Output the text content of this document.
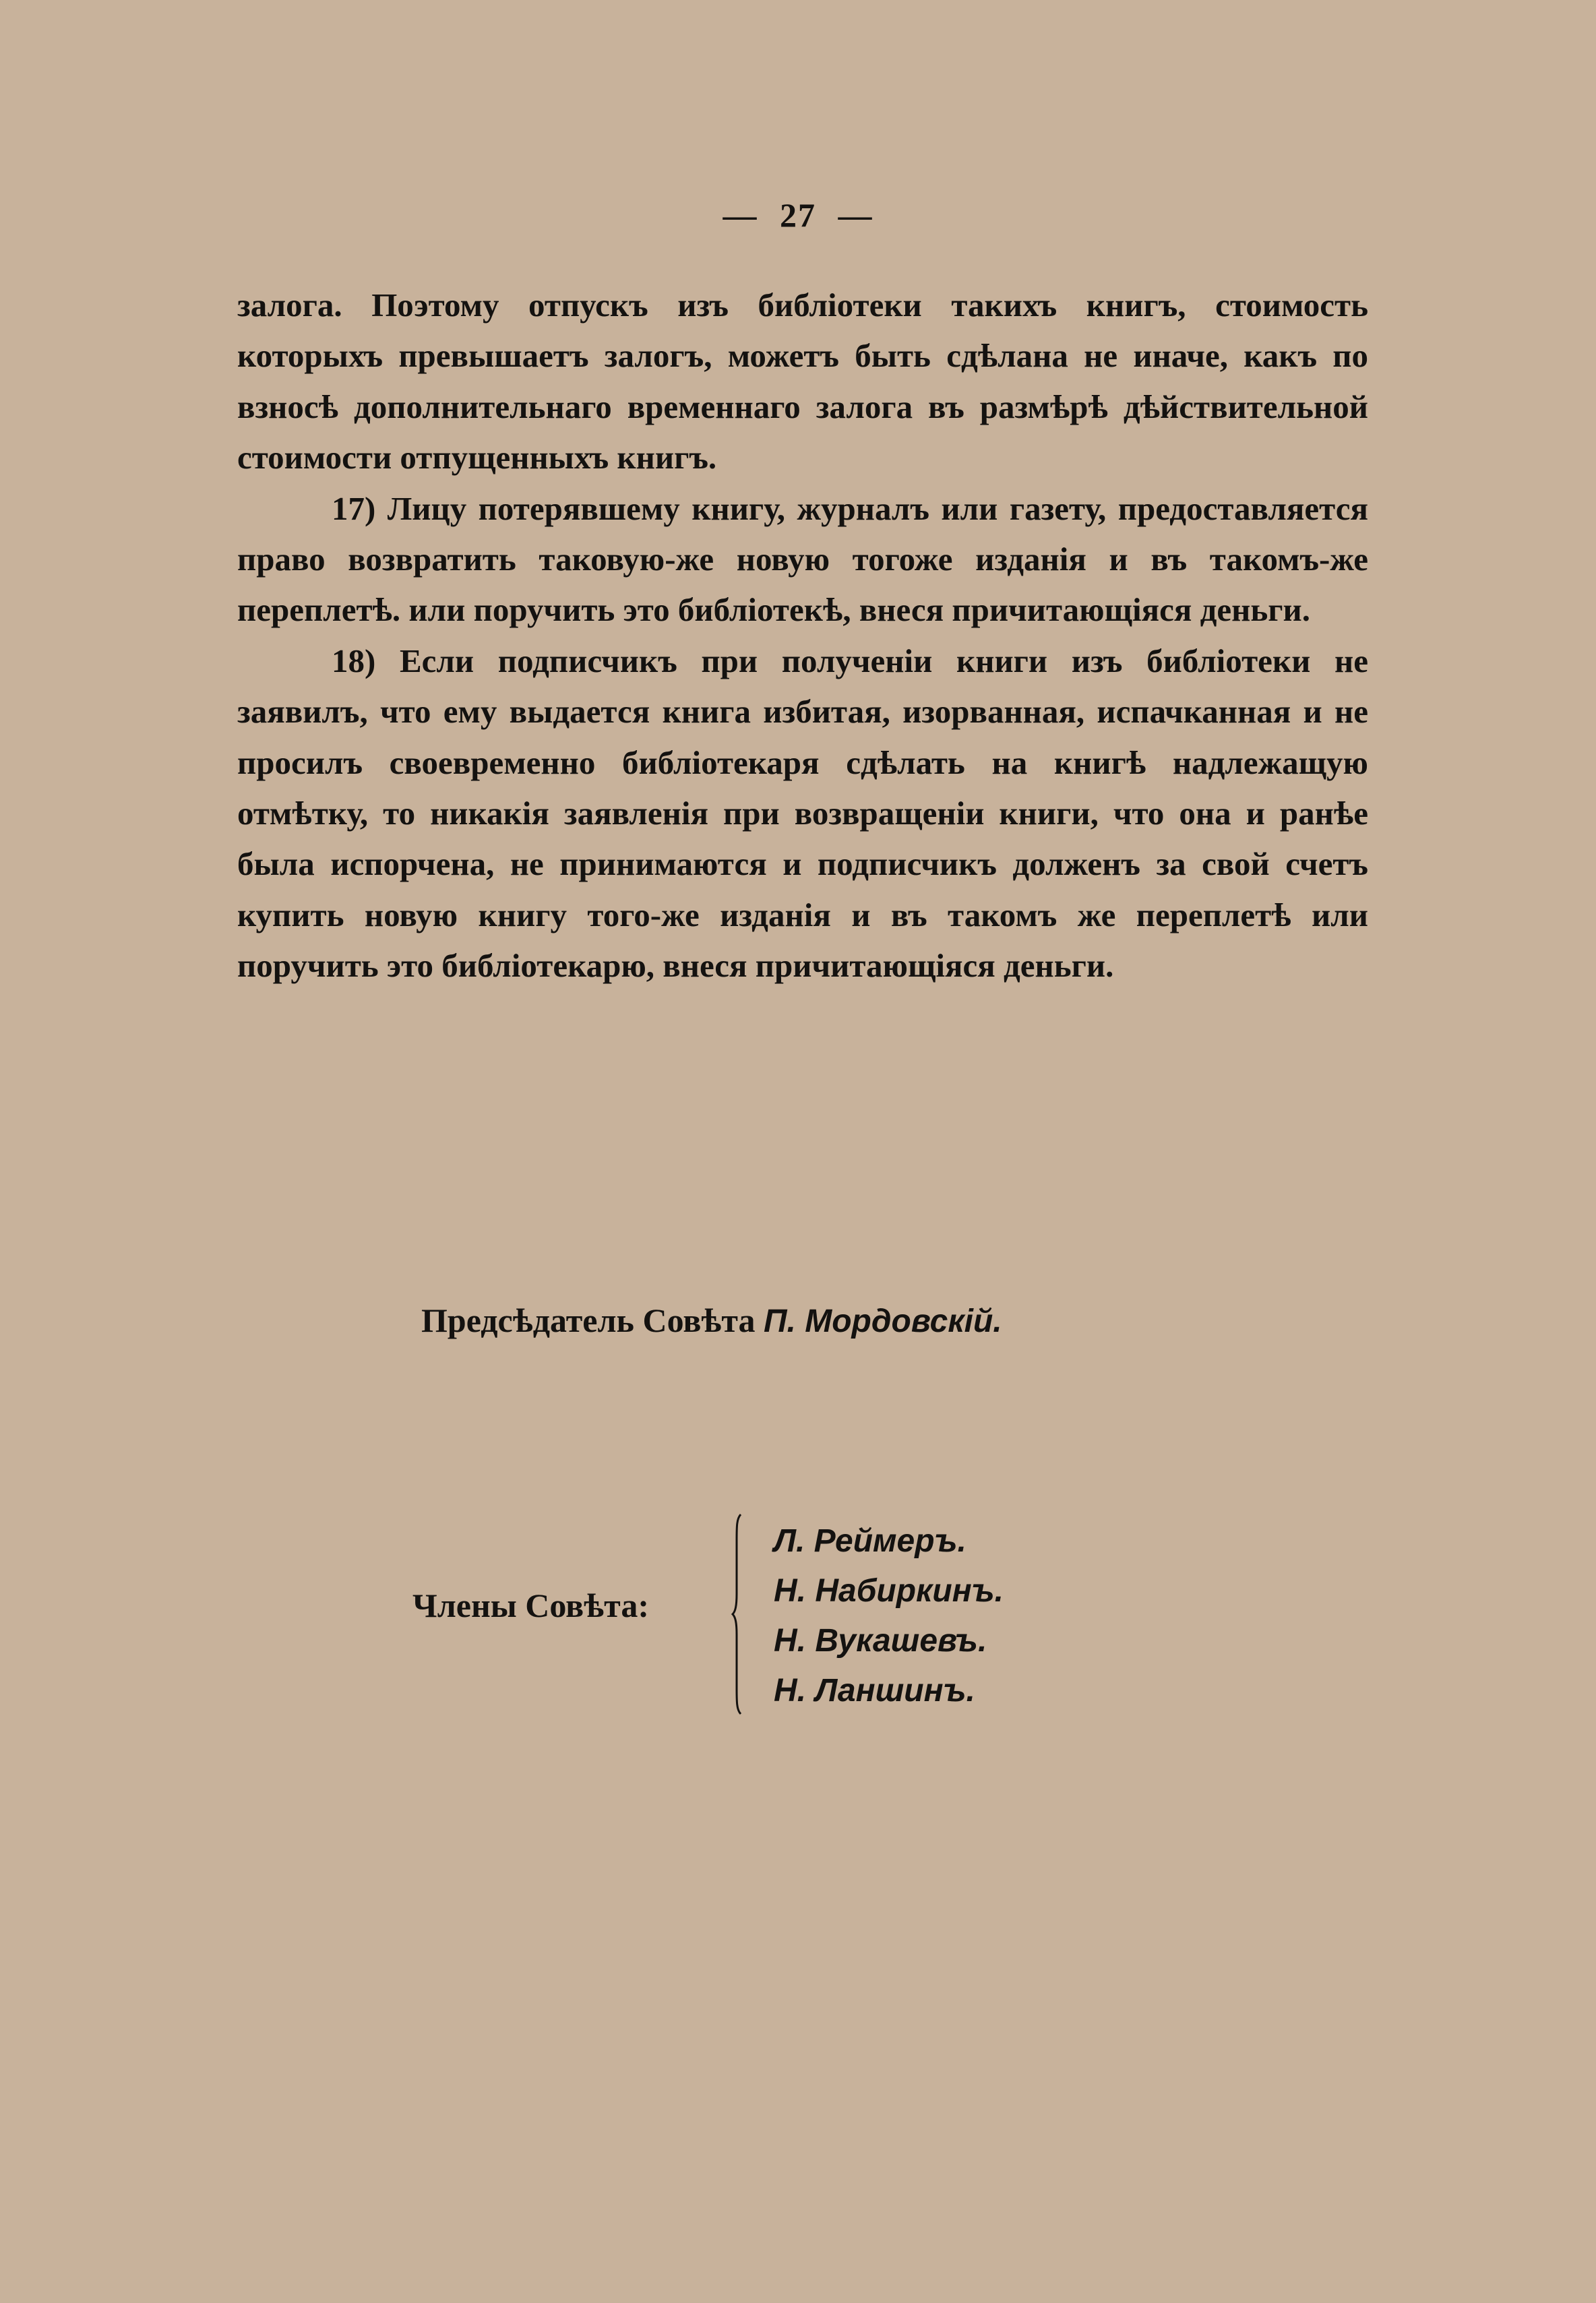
— 27 —

залога. Поэтому отпускъ изъ библіотеки такихъ книгъ, стоимость которыхъ превышаетъ залогъ, можетъ быть сдѣлана не иначе, какъ по взносѣ дополнительнаго временнаго залога въ размѣрѣ дѣйствительной стоимости отпущенныхъ книгъ.

17) Лицу потерявшему книгу, журналъ или газету, предоставляется право возвратить таковую-же новую тогоже изданія и въ такомъ-же переплетѣ. или поручить это библіотекѣ, внеся причитающіяся деньги.

18) Если подписчикъ при полученіи книги изъ библіотеки не заявилъ, что ему выдается книга избитая, изорванная, испачканная и не просилъ своевременно библіотекаря сдѣлать на книгѣ надлежащую отмѣтку, то никакія заявленія при возвращеніи книги, что она и ранѣе была испорчена, не принимаются и подписчикъ долженъ за свой счетъ купить новую книгу того-же изданія и въ такомъ же переплетѣ или поручить это библіотекарю, внеся причитающіяся деньги.

Предсѣдатель Совѣта П. Мордовскій.
Члены Совѣта:
Л. Реймеръ.
Н. Набиркинъ.
Н. Вукашевъ.
Н. Ланшинъ.
